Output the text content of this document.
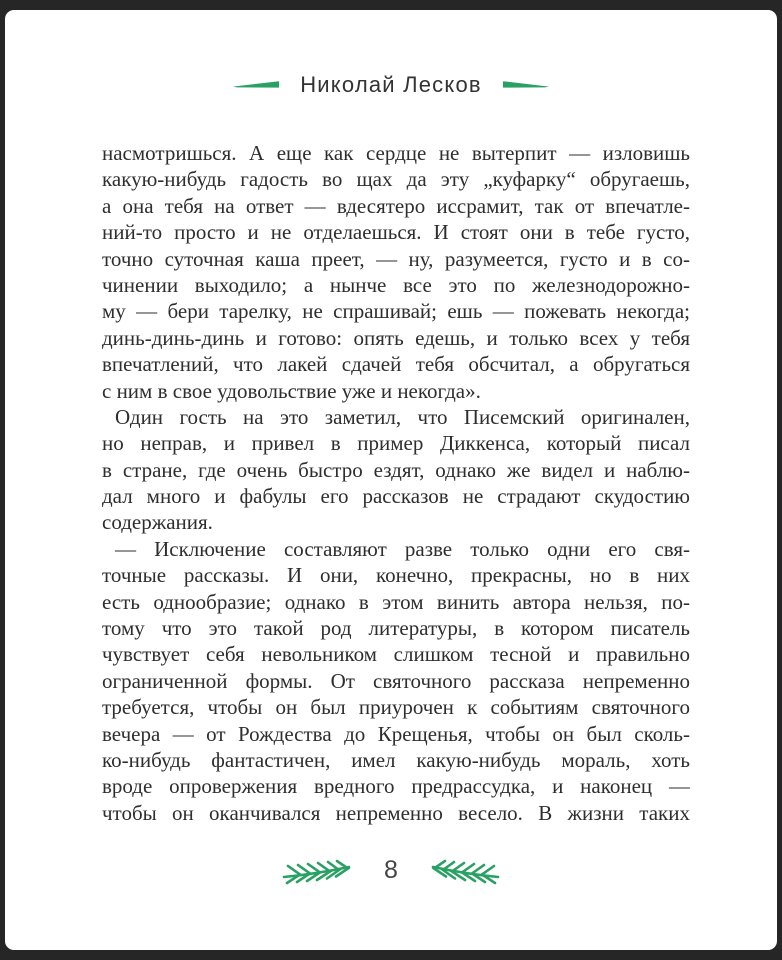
Николай Лесков
насмотришься. А еще как сердце не вытерпит — изловишь
какую-нибудь гадость во щах да эту „куфарку“ обругаешь,
а она тебя на ответ — вдесятеро иссрамит, так от впечатле-
ний-то просто и не отделаешься. И стоят они в тебе густо,
точно суточная каша преет, — ну, разумеется, густо и в со-
чинении выходило; а нынче все это по железнодорожно-
му — бери тарелку, не спрашивай; ешь — пожевать некогда;
динь-динь-динь и готово: опять едешь, и только всех у тебя
впечатлений, что лакей сдачей тебя обсчитал, а обругаться
с ним в свое удовольствие уже и некогда».
Один гость на это заметил, что Писемский оригинален,
но неправ, и привел в пример Диккенса, который писал
в стране, где очень быстро ездят, однако же видел и наблю-
дал много и фабулы его рассказов не страдают скудостию
содержания.
— Исключение составляют разве только одни его свя-
точные рассказы. И они, конечно, прекрасны, но в них
есть однообразие; однако в этом винить автора нельзя, по-
тому что это такой род литературы, в котором писатель
чувствует себя невольником слишком тесной и правильно
ограниченной формы. От святочного рассказа непременно
требуется, чтобы он был приурочен к событиям святочного
вечера — от Рождества до Крещенья, чтобы он был сколь-
ко-нибудь фантастичен, имел какую-нибудь мораль, хоть
вроде опровержения вредного предрассудка, и наконец —
чтобы он оканчивался непременно весело. В жизни таких
8
